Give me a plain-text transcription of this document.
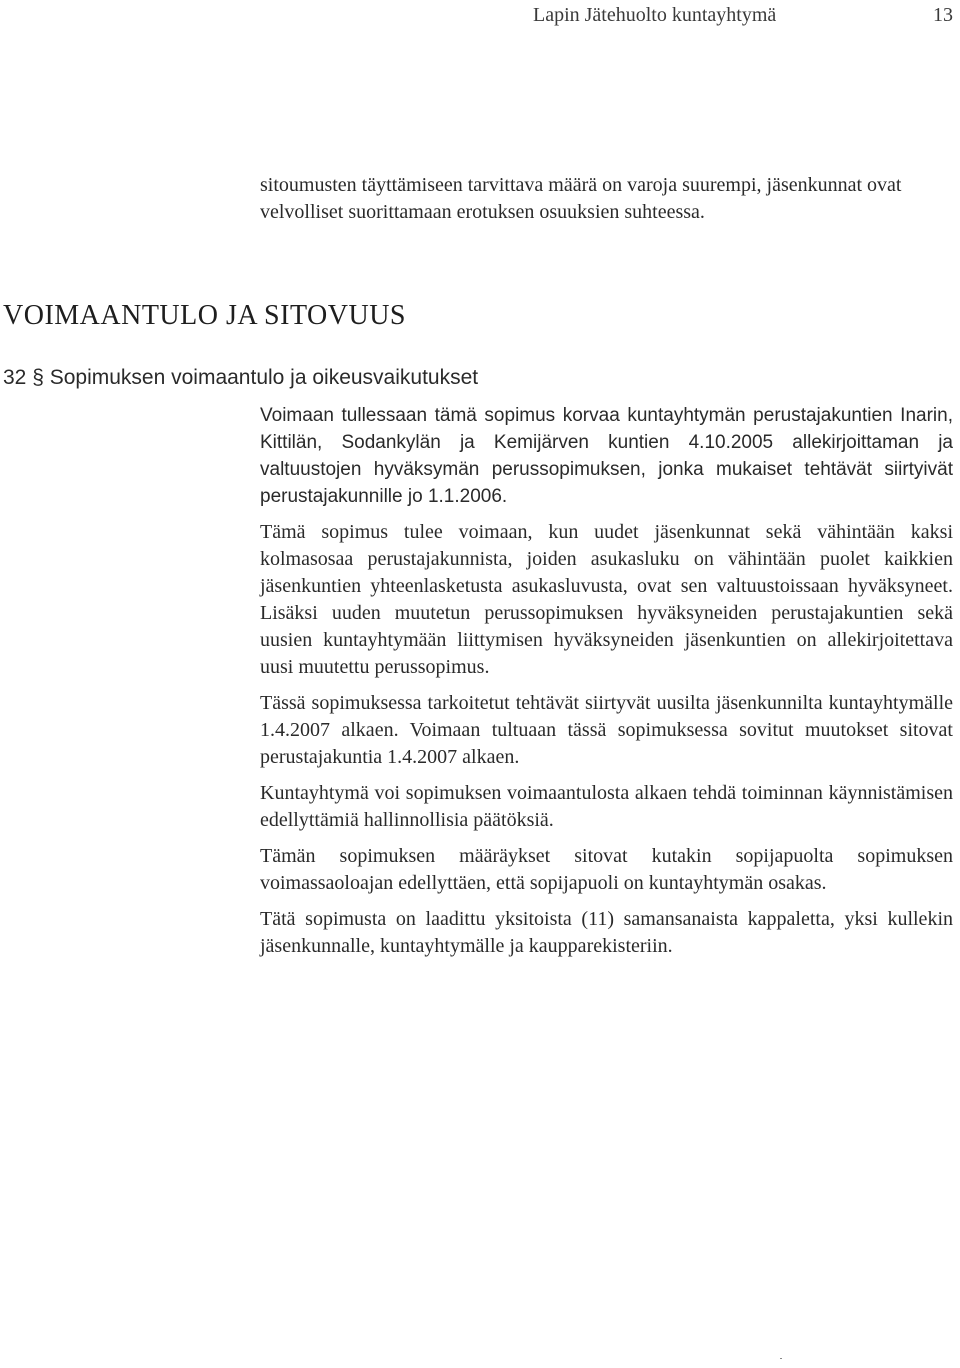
Lapin Jätehuolto kuntayhtymä	13

sitoumusten täyttämiseen tarvittava määrä on varoja suurempi, jäsenkunnat ovat velvolliset suorittamaan erotuksen osuuksien suhteessa.

VOIMAANTULO JA SITOVUUS
32 § Sopimuksen voimaantulo ja oikeusvaikutukset

Voimaan tullessaan tämä sopimus korvaa kuntayhtymän perustajakuntien Inarin, Kittilän, Sodankylän ja Kemijärven kuntien 4.10.2005 allekirjoittaman ja valtuustojen hyväksymän perussopimuksen, jonka mukaiset tehtävät siirtyivät perustajakunnille jo 1.1.2006.

Tämä sopimus tulee voimaan, kun uudet jäsenkunnat sekä vähintään kaksi kolmasosaa perustajakunnista, joiden asukasluku on vähintään puolet kaikkien jäsenkuntien yhteenlasketusta asukasluvusta, ovat sen valtuustoissaan hyväksyneet. Lisäksi uuden muutetun perussopimuksen hyväksyneiden perustajakuntien sekä uusien kuntayhtymään liittymisen hyväksyneiden jäsenkuntien on allekirjoitettava uusi muutettu perussopimus.

Tässä sopimuksessa tarkoitetut tehtävät siirtyvät uusilta jäsenkunnilta kuntayhtymälle 1.4.2007 alkaen. Voimaan tultuaan tässä sopimuksessa sovitut muutokset sitovat perustajakuntia 1.4.2007 alkaen.

Kuntayhtymä voi sopimuksen voimaantulosta alkaen tehdä toiminnan käynnistämisen edellyttämiä hallinnollisia päätöksiä.

Tämän sopimuksen määräykset sitovat kutakin sopijapuolta sopimuksen voimassaoloajan edellyttäen, että sopijapuoli on kuntayhtymän osakas.

Tätä sopimusta on laadittu yksitoista (11) samansanaista kappaletta, yksi kullekin jäsenkunnalle, kuntayhtymälle ja kaupparekisteriin.
